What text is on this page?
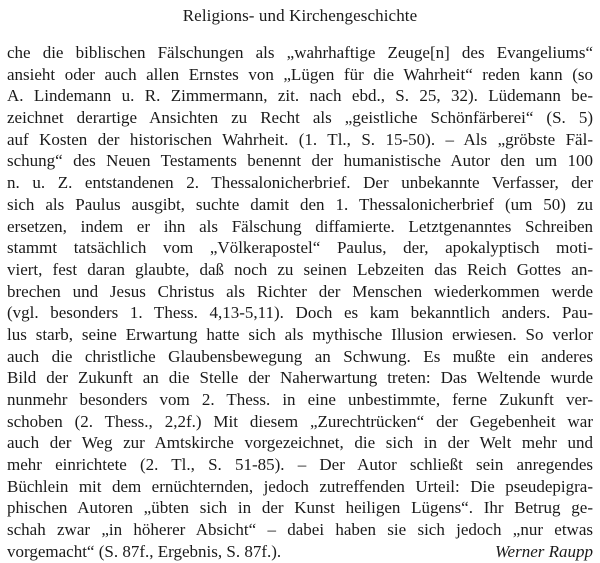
Religions- und Kirchengeschichte
che die biblischen Fälschungen als „wahrhaftige Zeuge[n] des Evangeliums“
ansieht oder auch allen Ernstes von „Lügen für die Wahrheit“ reden kann (so
A. Lindemann u. R. Zimmermann, zit. nach ebd., S. 25, 32). Lüdemann be-
zeichnet derartige Ansichten zu Recht als „geistliche Schönfärberei“ (S. 5)
auf Kosten der historischen Wahrheit. (1. Tl., S. 15-50). – Als „gröbste Fäl-
schung“ des Neuen Testaments benennt der humanistische Autor den um 100
n. u. Z. entstandenen 2. Thessalonicherbrief. Der unbekannte Verfasser, der
sich als Paulus ausgibt, suchte damit den 1. Thessalonicherbrief (um 50) zu
ersetzen, indem er ihn als Fälschung diffamierte. Letztgenanntes Schreiben
stammt tatsächlich vom „Völkerapostel“ Paulus, der, apokalyptisch moti-
viert, fest daran glaubte, daß noch zu seinen Lebzeiten das Reich Gottes an-
brechen und Jesus Christus als Richter der Menschen wiederkommen werde
(vgl. besonders 1. Thess. 4,13-5,11). Doch es kam bekanntlich anders. Pau-
lus starb, seine Erwartung hatte sich als mythische Illusion erwiesen. So verlor
auch die christliche Glaubensbewegung an Schwung. Es mußte ein anderes
Bild der Zukunft an die Stelle der Naherwartung treten: Das Weltende wurde
nunmehr besonders vom 2. Thess. in eine unbestimmte, ferne Zukunft ver-
schoben (2. Thess., 2,2f.) Mit diesem „Zurechtrücken“ der Gegebenheit war
auch der Weg zur Amtskirche vorgezeichnet, die sich in der Welt mehr und
mehr einrichtete (2. Tl., S. 51-85). – Der Autor schließt sein anregendes
Büchlein mit dem ernüchternden, jedoch zutreffenden Urteil: Die pseudepigra-
phischen Autoren „übten sich in der Kunst heiligen Lügens“. Ihr Betrug ge-
schah zwar „in höherer Absicht“ – dabei haben sie sich jedoch „nur etwas
vorgemacht“ (S. 87f., Ergebnis, S. 87f.).	Werner Raupp
